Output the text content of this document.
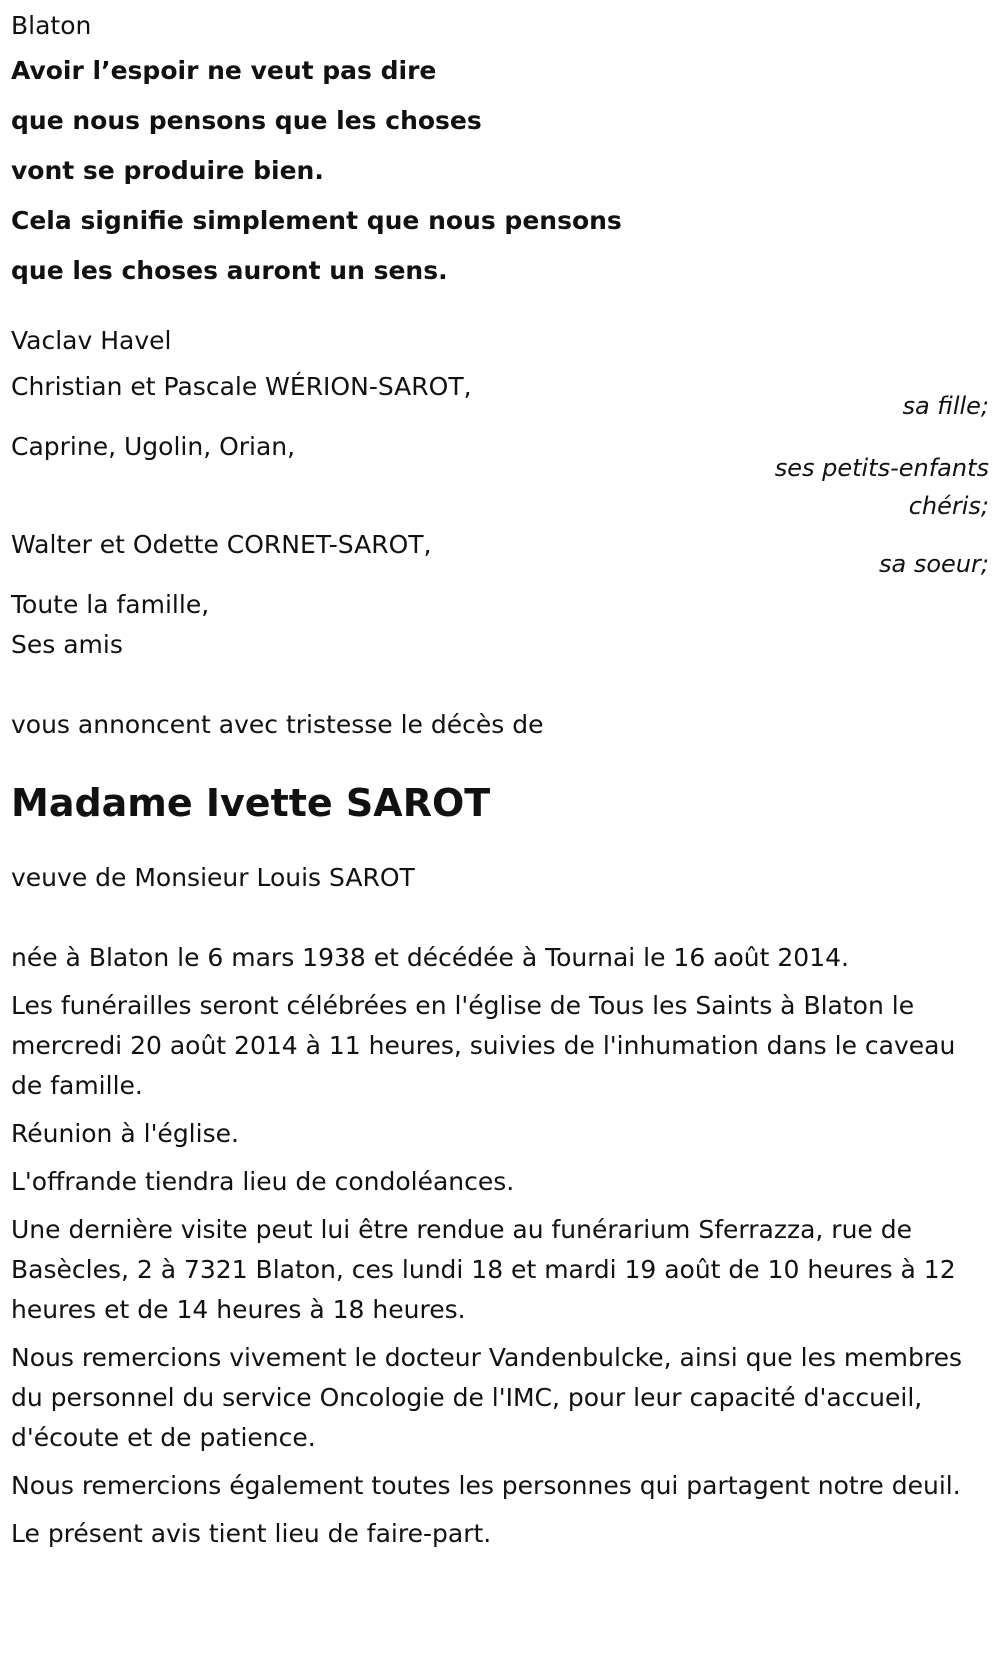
Blaton
Avoir l’espoir ne veut pas dire
que nous pensons que les choses
vont se produire bien.
Cela signifie simplement que nous pensons
que les choses auront un sens.
Vaclav Havel
Christian et Pascale WÉRION-SAROT,
sa fille;
Caprine, Ugolin, Orian,
ses petits-enfants
chéris;
Walter et Odette CORNET-SAROT,
sa soeur;
Toute la famille,
Ses amis
vous annoncent avec tristesse le décès de
Madame Ivette SAROT
veuve de Monsieur Louis SAROT

née à Blaton le 6 mars 1938 et décédée à Tournai le 16 août 2014.

Les funérailles seront célébrées en l'église de Tous les Saints à Blaton le mercredi 20 août 2014 à 11 heures, suivies de l'inhumation dans le caveau de famille.

Réunion à l'église.

L'offrande tiendra lieu de condoléances.

Une dernière visite peut lui être rendue au funérarium Sferrazza, rue de Basècles, 2 à 7321 Blaton, ces lundi 18 et mardi 19 août de 10 heures à 12 heures et de 14 heures à 18 heures.

Nous remercions vivement le docteur Vandenbulcke, ainsi que les membres du personnel du service Oncologie de l'IMC, pour leur capacité d'accueil, d'écoute et de patience.

Nous remercions également toutes les personnes qui partagent notre deuil.

Le présent avis tient lieu de faire-part.
